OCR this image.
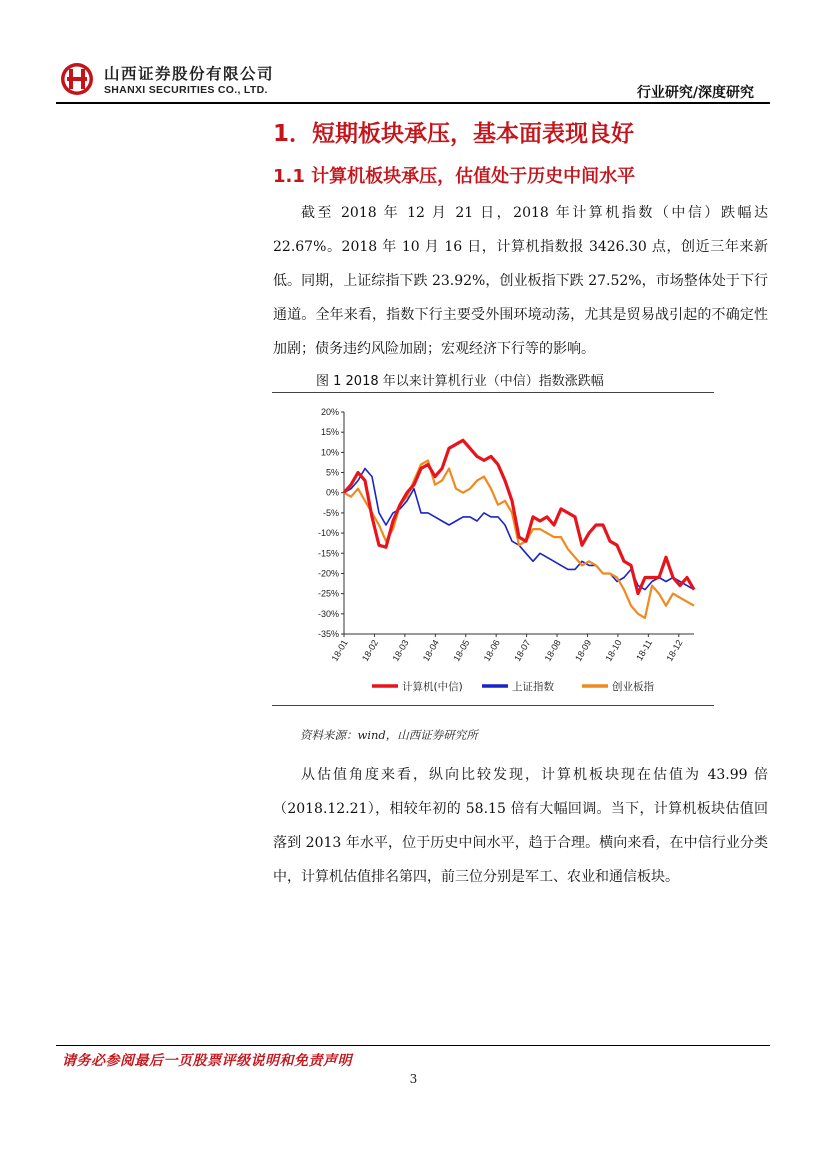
山西证券股份有限公司
SHANXI SECURITIES CO., LTD.	行业研究/深度研究
1．短期板块承压，基本面表现良好
1.1 计算机板块承压，估值处于历史中间水平
截至 2018 年 12 月 21 日，2018 年计算机指数（中信）跌幅达 22.67%。2018 年 10 月 16 日，计算机指数报 3426.30 点，创近三年来新低。同期，上证综指下跌 23.92%，创业板指下跌 27.52%，市场整体处于下行通道。全年来看，指数下行主要受外围环境动荡，尤其是贸易战引起的不确定性加剧；债务违约风险加剧；宏观经济下行等的影响。
图 1 2018 年以来计算机行业（中信）指数涨跌幅
20%
15%
10%
5%
0%
-5%
-10%
-15%
-20%
-25%
-30%
-35%
18-01 18-02 18-03 18-04 18-05 18-06 18-07 18-08 18-09 18-10 18-11 18-12
计算机(中信)	上证指数	创业板指
资料来源：wind，山西证券研究所
从估值角度来看，纵向比较发现，计算机板块现在估值为 43.99 倍（2018.12.21），相较年初的 58.15 倍有大幅回调。当下，计算机板块估值回落到 2013 年水平，位于历史中间水平，趋于合理。横向来看，在中信行业分类中，计算机估值排名第四，前三位分别是军工、农业和通信板块。
请务必参阅最后一页股票评级说明和免责声明
3
